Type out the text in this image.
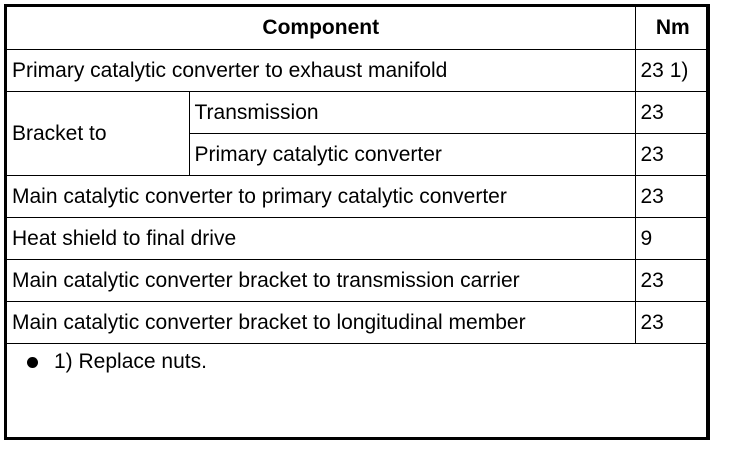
Component		Nm
Primary catalytic converter to exhaust manifold		23 1)
Bracket to	Transmission	23
	Primary catalytic converter	23
Main catalytic converter to primary catalytic converter		23
Heat shield to final drive		9
Main catalytic converter bracket to transmission carrier		23
Main catalytic converter bracket to longitudinal member		23
1) Replace nuts.
